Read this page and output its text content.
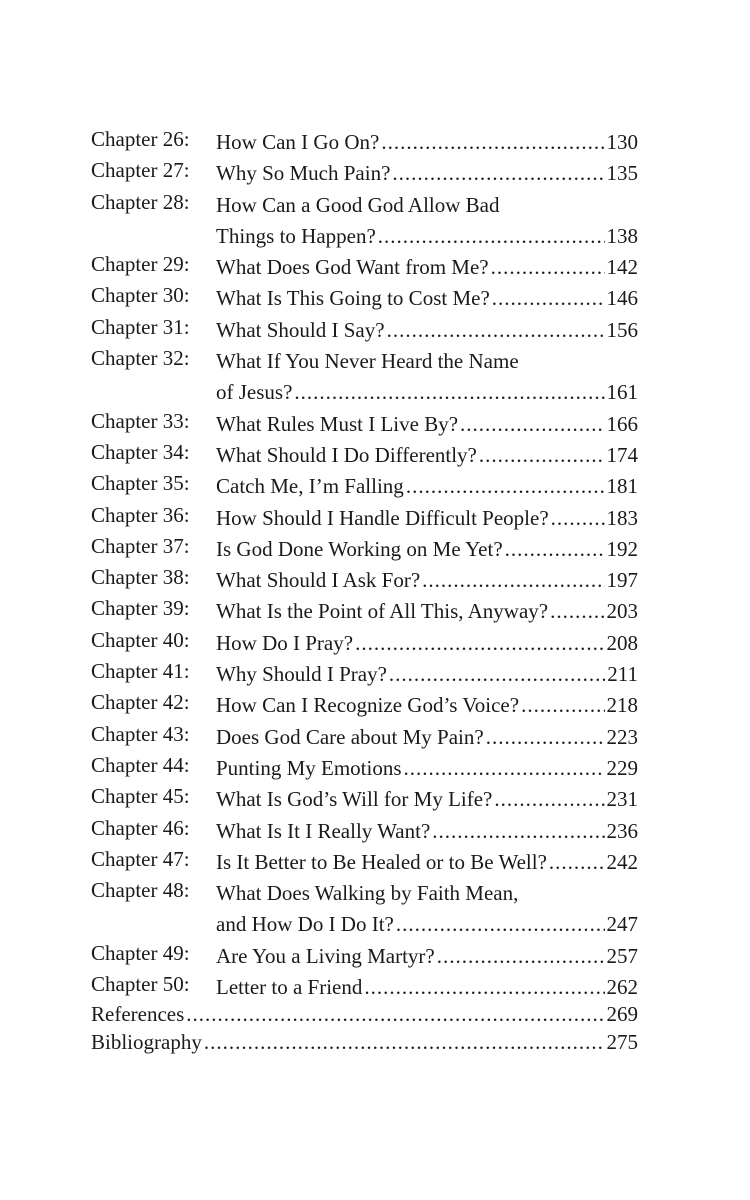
Chapter 26:	How Can I Go On? .....	130
Chapter 27:	Why So Much Pain? .....	135
Chapter 28:	How Can a Good God Allow Bad
Things to Happen? .....	138
Chapter 29:	What Does God Want from Me? .....	142
Chapter 30:	What Is This Going to Cost Me? .....	146
Chapter 31:	What Should I Say? .....	156
Chapter 32:	What If You Never Heard the Name
of Jesus? .....	161
Chapter 33:	What Rules Must I Live By? .....	166
Chapter 34:	What Should I Do Differently? .....	174
Chapter 35:	Catch Me, I’m Falling .....	181
Chapter 36:	How Should I Handle Difficult People? .....	183
Chapter 37:	Is God Done Working on Me Yet? .....	192
Chapter 38:	What Should I Ask For? .....	197
Chapter 39:	What Is the Point of All This, Anyway? .....	203
Chapter 40:	How Do I Pray? .....	208
Chapter 41:	Why Should I Pray? .....	211
Chapter 42:	How Can I Recognize God’s Voice? .....	218
Chapter 43:	Does God Care about My Pain? .....	223
Chapter 44:	Punting My Emotions .....	229
Chapter 45:	What Is God’s Will for My Life? .....	231
Chapter 46:	What Is It I Really Want? .....	236
Chapter 47:	Is It Better to Be Healed or to Be Well? .....	242
Chapter 48:	What Does Walking by Faith Mean,
and How Do I Do It? .....	247
Chapter 49:	Are You a Living Martyr? .....	257
Chapter 50:	Letter to a Friend .....	262
References .....	269
Bibliography .....	275
